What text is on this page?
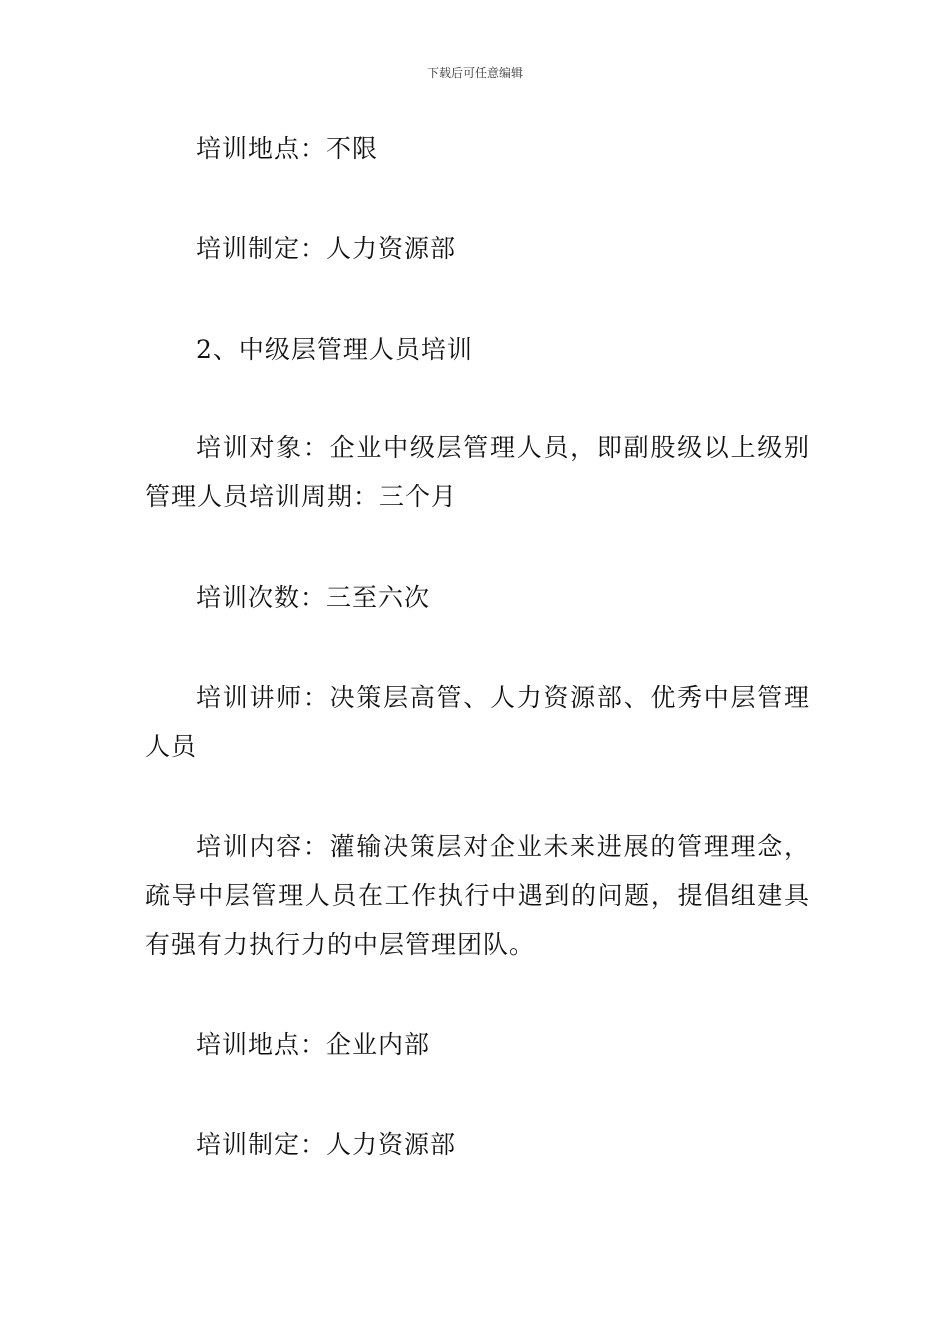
下载后可任意编辑
培训地点：不限
培训制定：人力资源部
2、中级层管理人员培训
培训对象：企业中级层管理人员，即副股级以上级别管理人员培训周期：三个月
培训次数：三至六次
培训讲师：决策层高管、人力资源部、优秀中层管理人员
培训内容：灌输决策层对企业未来进展的管理理念，疏导中层管理人员在工作执行中遇到的问题，提倡组建具有强有力执行力的中层管理团队。
培训地点：企业内部
培训制定：人力资源部
